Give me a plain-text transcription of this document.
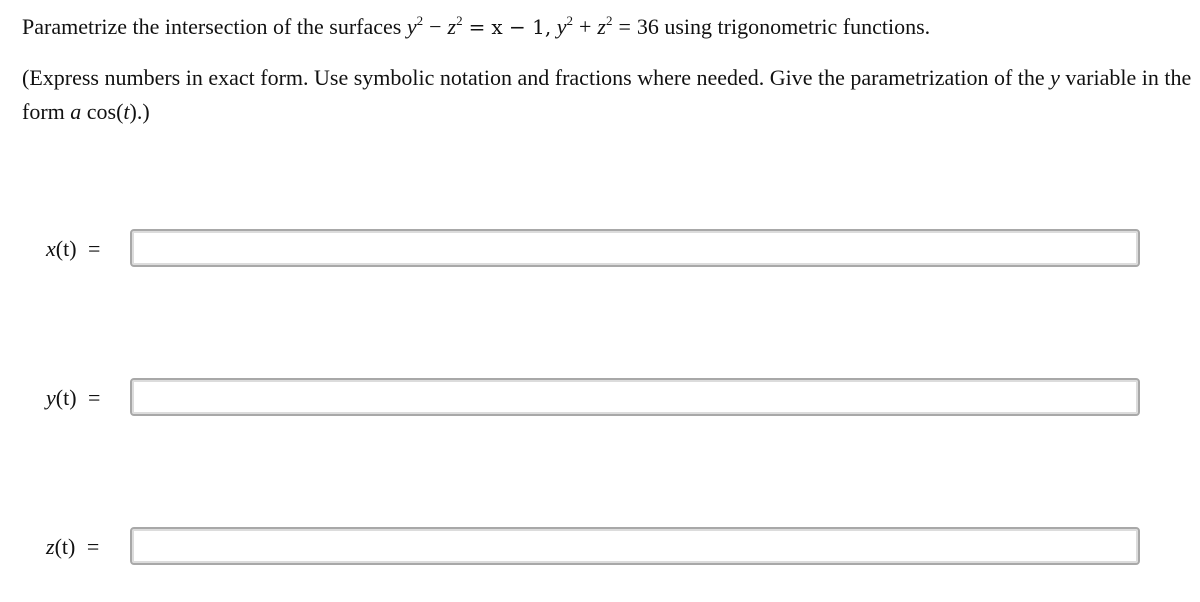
Parametrize the intersection of the surfaces $y^2 - z^2 = x - 1$, $y^2 + z^2 = 36$ using trigonometric functions.
(Express numbers in exact form. Use symbolic notation and fractions where needed. Give the parametrization of the y variable in the form a cos(t).)
x(t) =
y(t) =
z(t) =
